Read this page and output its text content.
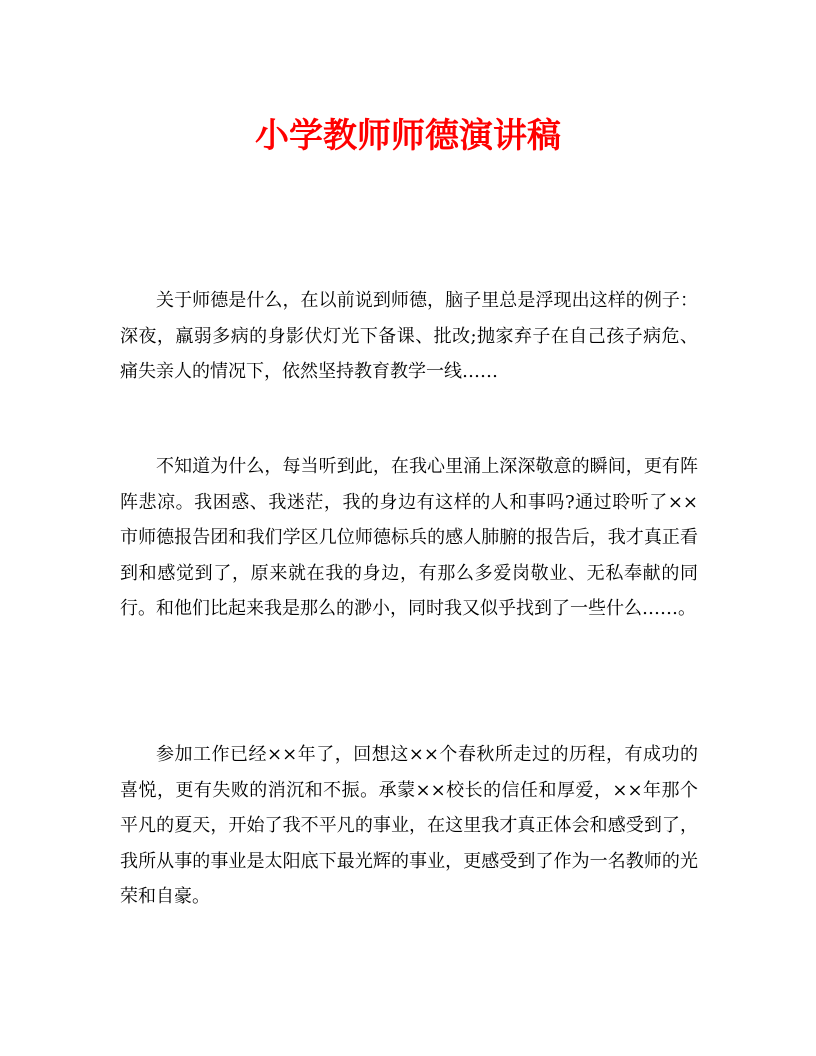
小学教师师德演讲稿

关于师德是什么，在以前说到师德，脑子里总是浮现出这样的例子：深夜，羸弱多病的身影伏灯光下备课、批改;抛家弃子在自己孩子病危、痛失亲人的情况下，依然坚持教育教学一线……

不知道为什么，每当听到此，在我心里涌上深深敬意的瞬间，更有阵阵悲凉。我困惑、我迷茫，我的身边有这样的人和事吗?通过聆听了××市师德报告团和我们学区几位师德标兵的感人肺腑的报告后，我才真正看到和感觉到了，原来就在我的身边，有那么多爱岗敬业、无私奉献的同行。和他们比起来我是那么的渺小，同时我又似乎找到了一些什么……。

参加工作已经××年了，回想这××个春秋所走过的历程，有成功的喜悦，更有失败的消沉和不振。承蒙××校长的信任和厚爱，××年那个平凡的夏天，开始了我不平凡的事业，在这里我才真正体会和感受到了，我所从事的事业是太阳底下最光辉的事业，更感受到了作为一名教师的光荣和自豪。
